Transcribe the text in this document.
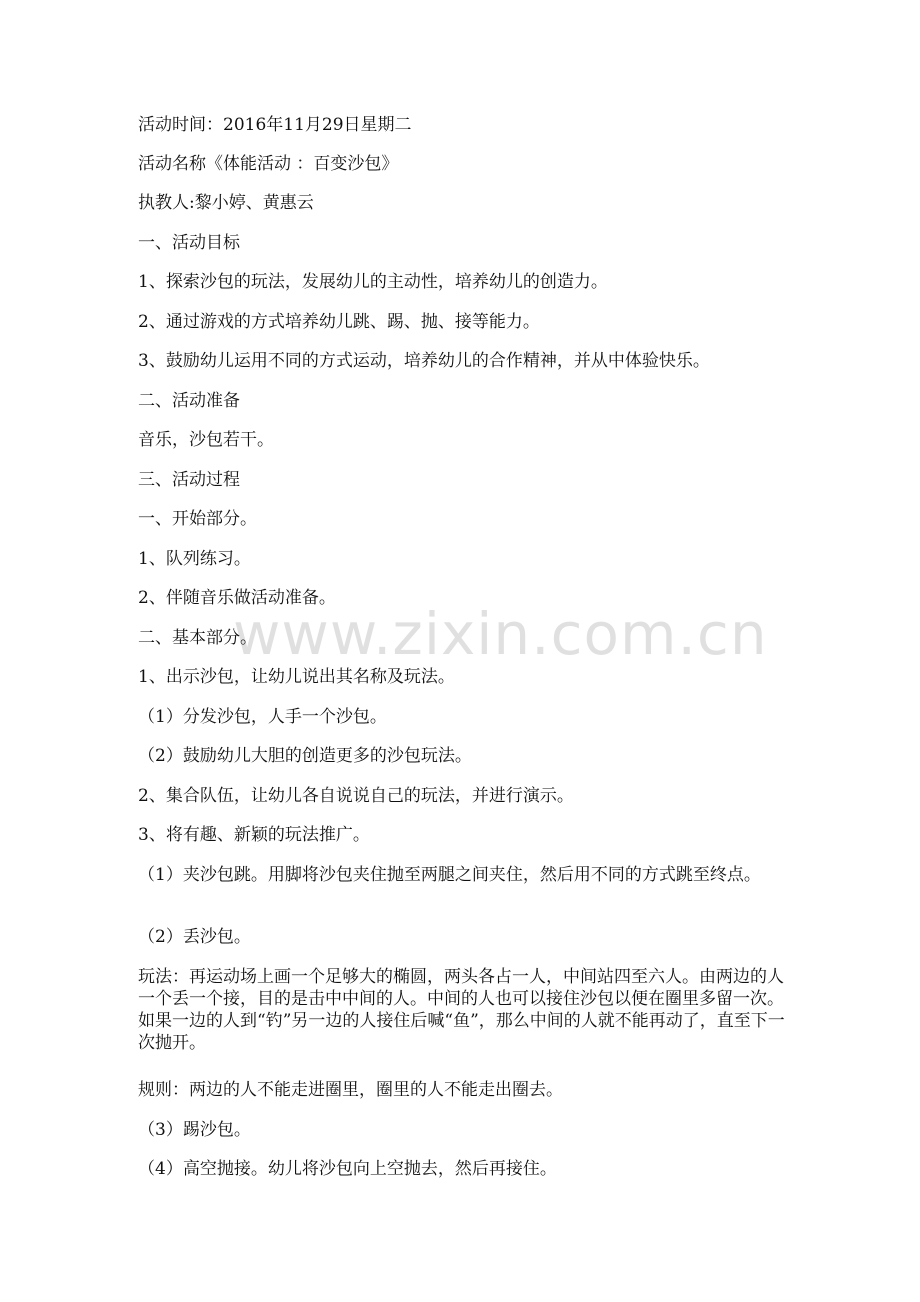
活动时间：2016年11月29日星期二
活动名称《体能活动 ：百变沙包》
执教人:黎小婷、黄惠云
一、活动目标
1、探索沙包的玩法，发展幼儿的主动性，培养幼儿的创造力。
2、通过游戏的方式培养幼儿跳、踢、抛、接等能力。
3、鼓励幼儿运用不同的方式运动，培养幼儿的合作精神，并从中体验快乐。
二、活动准备
音乐，沙包若干。
三、活动过程
一、开始部分。
1、队列练习。
2、伴随音乐做活动准备。
二、基本部分。
1、出示沙包，让幼儿说出其名称及玩法。
（1）分发沙包，人手一个沙包。
（2）鼓励幼儿大胆的创造更多的沙包玩法。
2、集合队伍，让幼儿各自说说自己的玩法，并进行演示。
3、将有趣、新颖的玩法推广。
（1）夹沙包跳。用脚将沙包夹住抛至两腿之间夹住，然后用不同的方式跳至终点。
（2）丢沙包。
玩法：再运动场上画一个足够大的椭圆，两头各占一人，中间站四至六人。由两边的人一个丢一个接，目的是击中中间的人。中间的人也可以接住沙包以便在圈里多留一次。如果一边的人到“钓”另一边的人接住后喊“鱼”，那么中间的人就不能再动了，直至下一次抛开。
规则：两边的人不能走进圈里，圈里的人不能走出圈去。
（3）踢沙包。
（4）高空抛接。幼儿将沙包向上空抛去，然后再接住。
www.zixin.com.cn
